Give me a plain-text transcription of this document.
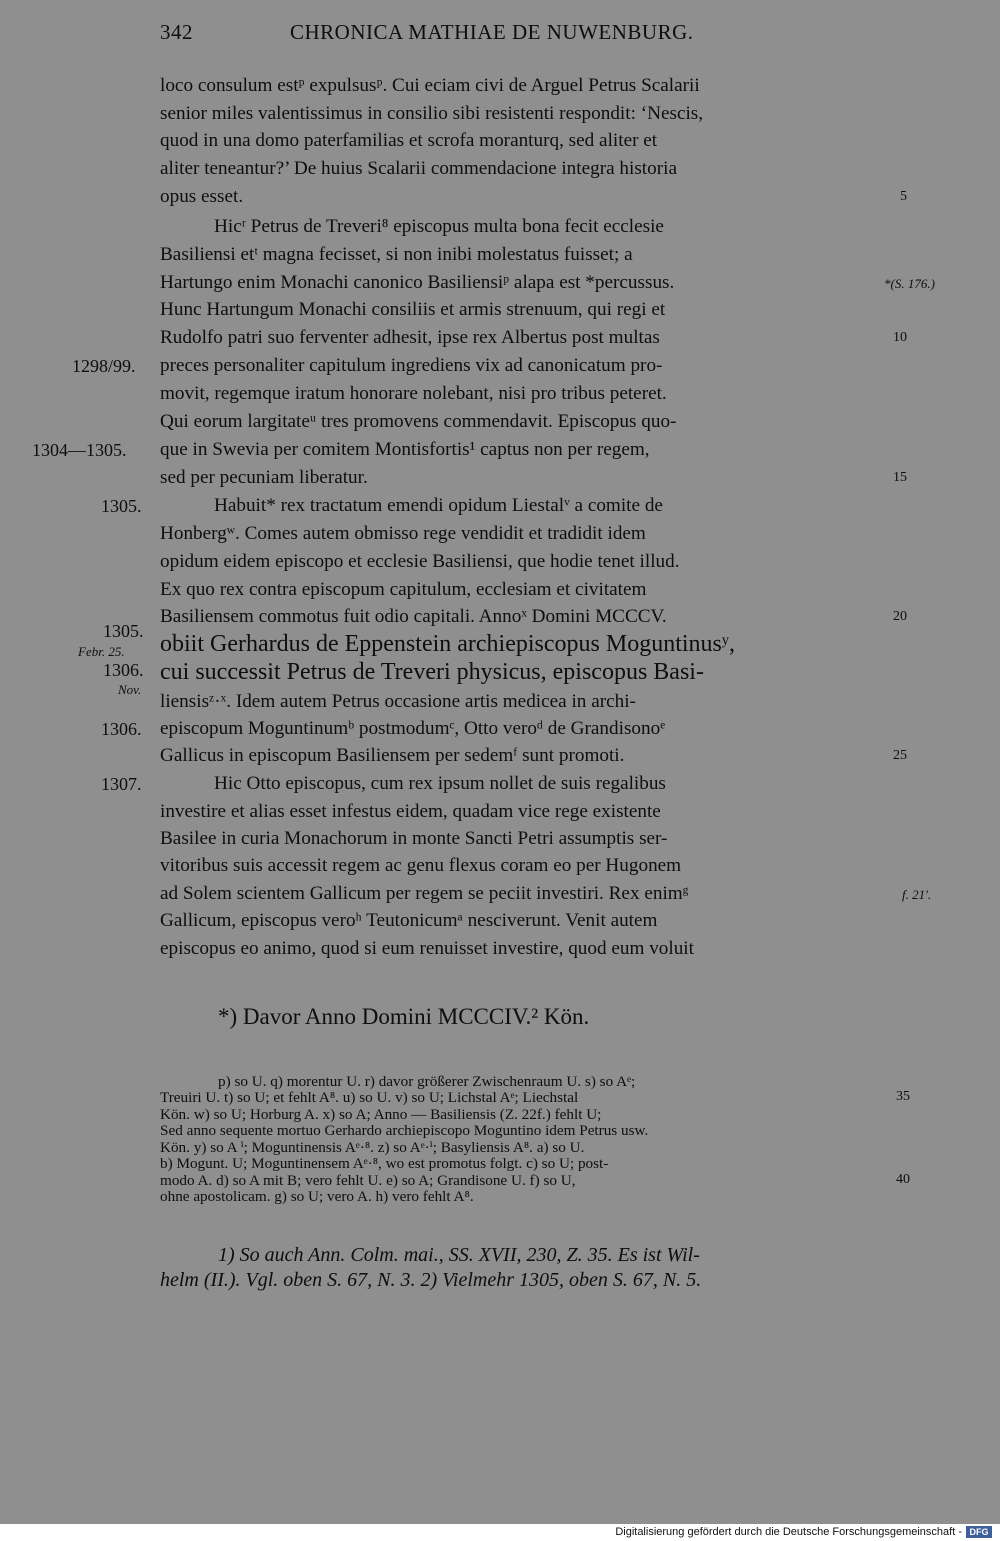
342	CHRONICA MATHIAE DE NUWENBURG.
loco consulum estᵖ expulsusᵖ. Cui eciam civi de Arguel Petrus Scalarii
senior miles valentissimus in consilio sibi resistenti respondit: ‘Nescis,
quod in una domo paterfamilias et scrofa moranturq, sed aliter et
aliter teneantur?’ De huius Scalarii commendacione integra historia
opus esset.
Hicʳ Petrus de Treveri⁸ episcopus multa bona fecit ecclesie
Basiliensi etᵗ magna fecisset, si non inibi molestatus fuisset; a
Hartungo enim Monachi canonico Basiliensiᵖ alapa est *percussus.
Hunc Hartungum Monachi consiliis et armis strenuum, qui regi et
Rudolfo patri suo ferventer adhesit, ipse rex Albertus post multas
preces personaliter capitulum ingrediens vix ad canonicatum pro-
movit, regemque iratum honorare nolebant, nisi pro tribus peteret.
Qui eorum largitateᵘ tres promovens commendavit. Episcopus quo-
que in Swevia per comitem Montisfortis¹ captus non per regem,
sed per pecuniam liberatur.
Habuit* rex tractatum emendi opidum Liestalᵛ a comite de
Honbergʷ. Comes autem obmisso rege vendidit et tradidit idem
opidum eidem episcopo et ecclesie Basiliensi, que hodie tenet illud.
Ex quo rex contra episcopum capitulum, ecclesiam et civitatem
Basiliensem commotus fuit odio capitali. Annoˣ Domini MCCCV.
obiit Gerhardus de Eppenstein archiepiscopus Moguntinusʸ,
cui successit Petrus de Treveri physicus, episcopus Basi-
liensisᶻ·ˣ. Idem autem Petrus occasione artis medicea in archi-
episcopum Moguntinumᵇ postmodumᶜ, Otto veroᵈ de Grandisonoᵉ
Gallicus in episcopum Basiliensem per sedemᶠ sunt promoti.
Hic Otto episcopus, cum rex ipsum nollet de suis regalibus
investire et alias esset infestus eidem, quadam vice rege existente
Basilee in curia Monachorum in monte Sancti Petri assumptis ser-
vitoribus suis accessit regem ac genu flexus coram eo per Hugonem
ad Solem scientem Gallicum per regem se peciit investiri. Rex enimᵍ
Gallicum, episcopus veroʰ Teutonicumᵃ nesciverunt. Venit autem
episcopus eo animo, quod si eum renuisset investire, quod eum voluit
5
10
15
20
25
*(S. 176.)
f. 21'.
1298/99.
1304—1305.
1305.
1305.
Febr. 25.
1306.
Nov.
1306.
1307.
*) Davor Anno Domini MCCCIV.² Kön.
p) so U. q) morentur U. r) davor größerer Zwischenraum U. s) so Aᵉ;
Treuiri U. t) so U; et fehlt A⁸. u) so U. v) so U; Lichstal Aᵉ; Liechstal
Kön. w) so U; Horburg A. x) so A; Anno — Basiliensis (Z. 22f.) fehlt U;
Sed anno sequente mortuo Gerhardo archiepiscopo Moguntino idem Petrus usw.
Kön. y) so A ⁱ; Moguntinensis Aᵉ·⁸. z) so Aᵉ·ⁱ; Basyliensis A⁸. a) so U.
b) Mogunt. U; Moguntinensem Aᵉ·⁸, wo est promotus folgt. c) so U; post-
modo A. d) so A mit B; vero fehlt U. e) so A; Grandisone U. f) so U,
ohne apostolicam. g) so U; vero A. h) vero fehlt A⁸.
35
40
1) So auch Ann. Colm. mai., SS. XVII, 230, Z. 35. Es ist Wil-
helm (II.). Vgl. oben S. 67, N. 3. 2) Vielmehr 1305, oben S. 67, N. 5.
Digitalisierung gefördert durch die Deutsche Forschungsgemeinschaft - DFG
